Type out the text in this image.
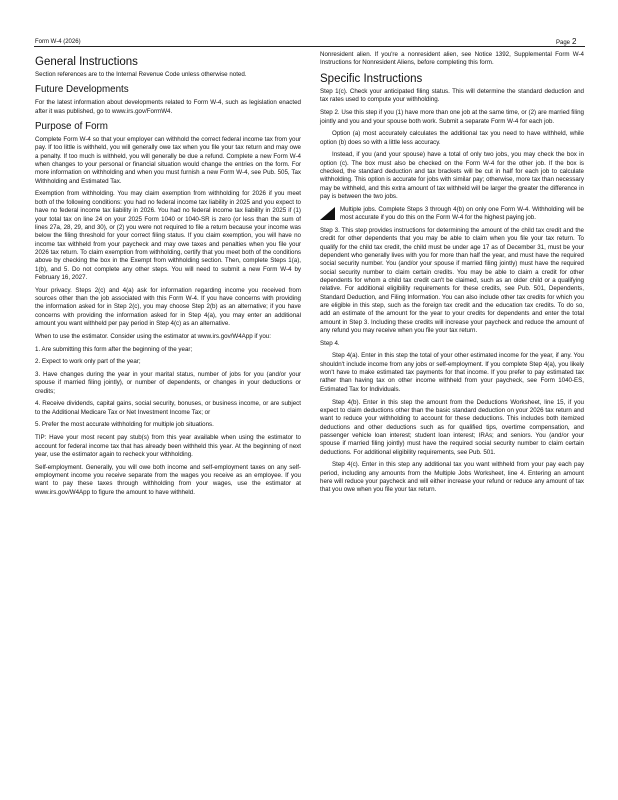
Form W-4 (2026)	Page 2
General Instructions

Section references are to the Internal Revenue Code unless otherwise noted.

Future Developments

For the latest information about developments related to Form W-4, such as legislation enacted after it was published, go to www.irs.gov/FormW4.

Purpose of Form

Complete Form W-4 so that your employer can withhold the correct federal income tax from your pay. If too little is withheld, you will generally owe tax when you file your tax return and may owe a penalty. If too much is withheld, you will generally be due a refund. Complete a new Form W-4 when changes to your personal or financial situation would change the entries on the form. For more information on withholding and when you must furnish a new Form W-4, see Pub. 505, Tax Withholding and Estimated Tax.

Exemption from withholding. You may claim exemption from withholding for 2026 if you meet both of the following conditions: you had no federal income tax liability in 2025 and you expect to have no federal income tax liability in 2026. You had no federal income tax liability in 2025 if (1) your total tax on line 24 on your 2025 Form 1040 or 1040-SR is zero (or less than the sum of lines 27a, 28, 29, and 30), or (2) you were not required to file a return because your income was below the filing threshold for your correct filing status. If you claim exemption, you will have no income tax withheld from your paycheck and may owe taxes and penalties when you file your 2026 tax return. To claim exemption from withholding, certify that you meet both of the conditions above by checking the box in the Exempt from withholding section. Then, complete Steps 1(a), 1(b), and 5. Do not complete any other steps. You will need to submit a new Form W-4 by February 16, 2027.

Your privacy. Steps 2(c) and 4(a) ask for information regarding income you received from sources other than the job associated with this Form W-4. If you have concerns with providing the information asked for in Step 2(c), you may choose Step 2(b) as an alternative; if you have concerns with providing the information asked for in Step 4(a), you may enter an additional amount you want withheld per pay period in Step 4(c) as an alternative.

When to use the estimator. Consider using the estimator at www.irs.gov/W4App if you:

1. Are submitting this form after the beginning of the year;

2. Expect to work only part of the year;

3. Have changes during the year in your marital status, number of jobs for you (and/or your spouse if married filing jointly), or number of dependents, or changes in your deductions or credits;

4. Receive dividends, capital gains, social security, bonuses, or business income, or are subject to the Additional Medicare Tax or Net Investment Income Tax; or

5. Prefer the most accurate withholding for multiple job situations.

TIP: Have your most recent pay stub(s) from this year available when using the estimator to account for federal income tax that has already been withheld this year. At the beginning of next year, use the estimator again to recheck your withholding.

Self-employment. Generally, you will owe both income and self-employment taxes on any self-employment income you receive separate from the wages you receive as an employee. If you want to pay these taxes through withholding from your wages, use the estimator at www.irs.gov/W4App to figure the amount to have withheld.

Nonresident alien. If you're a nonresident alien, see Notice 1392, Supplemental Form W-4 Instructions for Nonresident Aliens, before completing this form.

Specific Instructions

Step 1(c). Check your anticipated filing status. This will determine the standard deduction and tax rates used to compute your withholding.

Step 2. Use this step if you (1) have more than one job at the same time, or (2) are married filing jointly and you and your spouse both work. Submit a separate Form W-4 for each job.

Option (a) most accurately calculates the additional tax you need to have withheld, while option (b) does so with a little less accuracy.

Instead, if you (and your spouse) have a total of only two jobs, you may check the box in option (c). The box must also be checked on the Form W-4 for the other job. If the box is checked, the standard deduction and tax brackets will be cut in half for each job to calculate withholding. This option is accurate for jobs with similar pay; otherwise, more tax than necessary may be withheld, and this extra amount of tax withheld will be larger the greater the difference in pay is between the two jobs.

Multiple jobs. Complete Steps 3 through 4(b) on only one Form W-4. Withholding will be most accurate if you do this on the Form W-4 for the highest paying job.

Step 3. This step provides instructions for determining the amount of the child tax credit and the credit for other dependents that you may be able to claim when you file your tax return. To qualify for the child tax credit, the child must be under age 17 as of December 31, must be your dependent who generally lives with you for more than half the year, and must have the required social security number. You (and/or your spouse if married filing jointly) must have the required social security number to claim certain credits. You may be able to claim a credit for other dependents for whom a child tax credit can't be claimed, such as an older child or a qualifying relative. For additional eligibility requirements for these credits, see Pub. 501, Dependents, Standard Deduction, and Filing Information. You can also include other tax credits for which you are eligible in this step, such as the foreign tax credit and the education tax credits. To do so, add an estimate of the amount for the year to your credits for dependents and enter the total amount in Step 3. Including these credits will increase your paycheck and reduce the amount of any refund you may receive when you file your tax return.

Step 4.

Step 4(a). Enter in this step the total of your other estimated income for the year, if any. You shouldn't include income from any jobs or self-employment. If you complete Step 4(a), you likely won't have to make estimated tax payments for that income. If you prefer to pay estimated tax rather than having tax on other income withheld from your paycheck, see Form 1040-ES, Estimated Tax for Individuals.

Step 4(b). Enter in this step the amount from the Deductions Worksheet, line 15, if you expect to claim deductions other than the basic standard deduction on your 2026 tax return and want to reduce your withholding to account for these deductions. This includes both itemized deductions and other deductions such as for qualified tips, overtime compensation, and passenger vehicle loan interest; student loan interest; IRAs; and seniors. You (and/or your spouse if married filing jointly) must have the required social security number to claim certain deductions. For additional eligibility requirements, see Pub. 501.

Step 4(c). Enter in this step any additional tax you want withheld from your pay each pay period, including any amounts from the Multiple Jobs Worksheet, line 4. Entering an amount here will reduce your paycheck and will either increase your refund or reduce any amount of tax that you owe when you file your tax return.
